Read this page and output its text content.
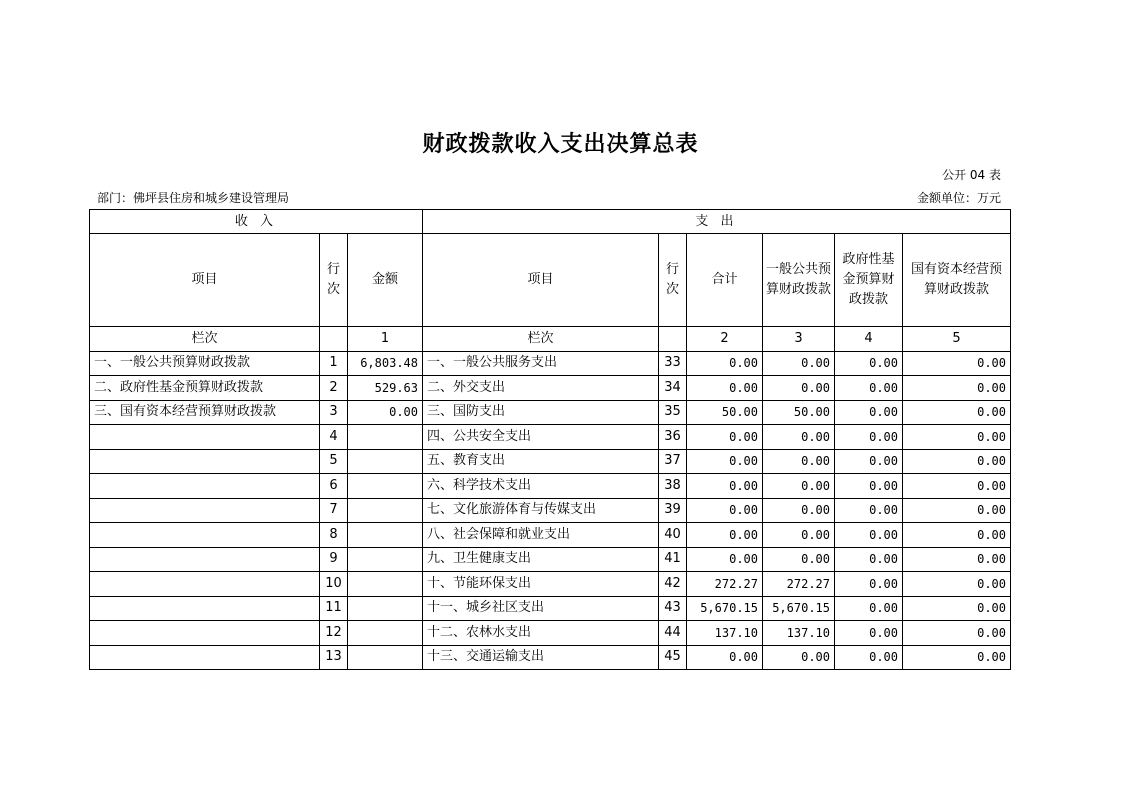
财政拨款收入支出决算总表
公开 04 表
部门：佛坪县住房和城乡建设管理局	金额单位：万元
收 入			支 出					
项目	行次	金额	项目	行次	合计	一般公共预算财政拨款	政府性基金预算财政拨款	国有资本经营预算财政拨款
栏次		1	栏次		2	3	4	5
一、一般公共预算财政拨款	1	6,803.48	一、一般公共服务支出	33	0.00	0.00	0.00	0.00
二、政府性基金预算财政拨款	2	529.63	二、外交支出	34	0.00	0.00	0.00	0.00
三、国有资本经营预算财政拨款	3	0.00	三、国防支出	35	50.00	50.00	0.00	0.00
	4		四、公共安全支出	36	0.00	0.00	0.00	0.00
	5		五、教育支出	37	0.00	0.00	0.00	0.00
	6		六、科学技术支出	38	0.00	0.00	0.00	0.00
	7		七、文化旅游体育与传媒支出	39	0.00	0.00	0.00	0.00
	8		八、社会保障和就业支出	40	0.00	0.00	0.00	0.00
	9		九、卫生健康支出	41	0.00	0.00	0.00	0.00
	10		十、节能环保支出	42	272.27	272.27	0.00	0.00
	11		十一、城乡社区支出	43	5,670.15	5,670.15	0.00	0.00
	12		十二、农林水支出	44	137.10	137.10	0.00	0.00
	13		十三、交通运输支出	45	0.00	0.00	0.00	0.00
